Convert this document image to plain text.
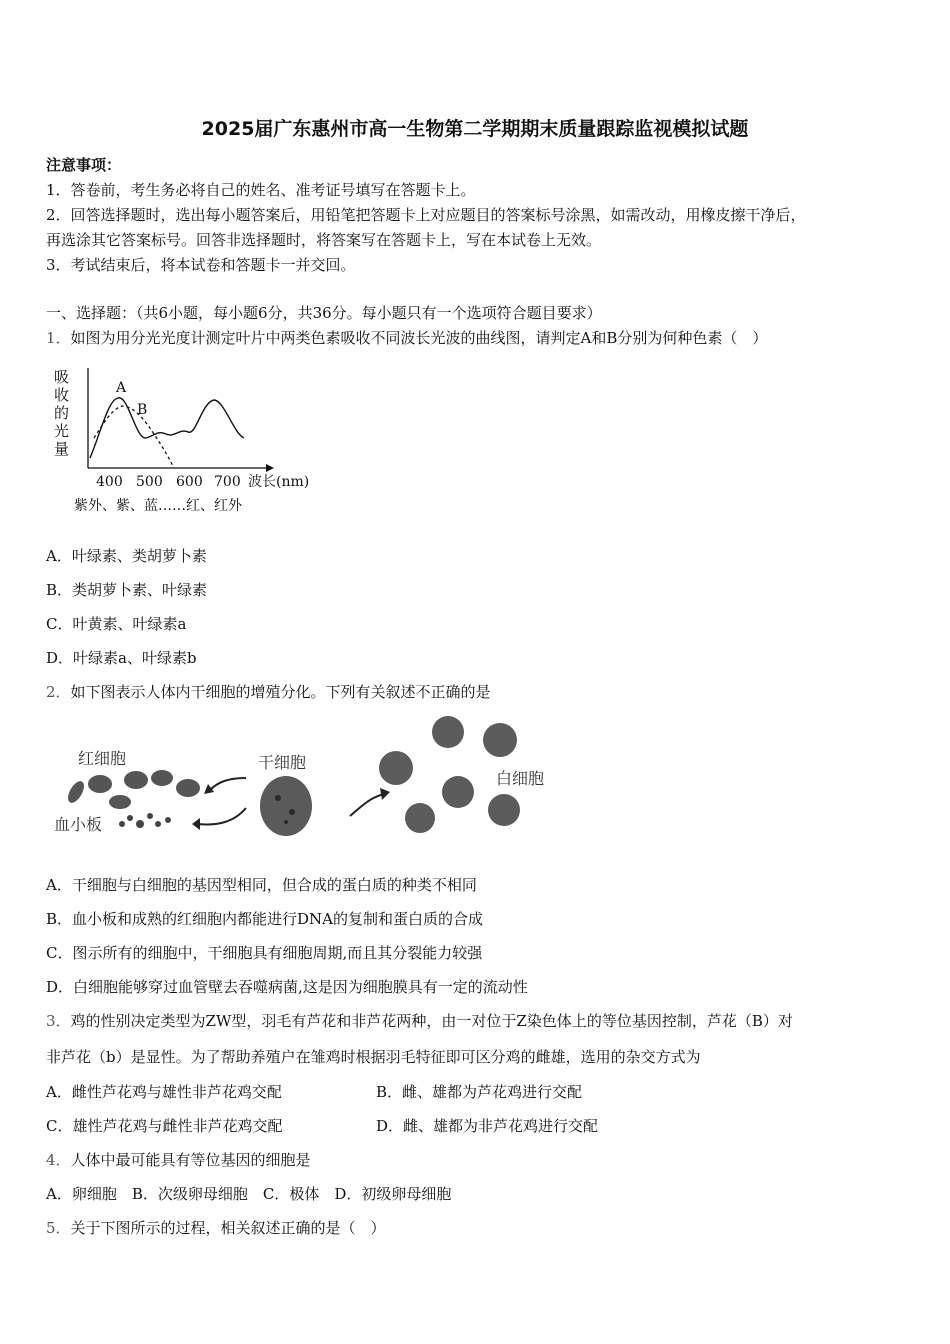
2025届广东惠州市高一生物第二学期期末质量跟踪监视模拟试题
注意事项：
1．答卷前，考生务必将自己的姓名、准考证号填写在答题卡上。
2．回答选择题时，选出每小题答案后，用铅笔把答题卡上对应题目的答案标号涂黑，如需改动，用橡皮擦干净后，
再选涂其它答案标号。回答非选择题时，将答案写在答题卡上，写在本试卷上无效。
3．考试结束后，将本试卷和答题卡一并交回。
一、选择题：（共6小题，每小题6分，共36分。每小题只有一个选项符合题目要求）
1．如图为用分光光度计测定叶片中两类色素吸收不同波长光波的曲线图，请判定A和B分别为何种色素（　）
吸
收
的
光
量
A
B
400 500 600 700 波长(nm)
紫外、紫、蓝……红、红外
A．叶绿素、类胡萝卜素
B．类胡萝卜素、叶绿素
C．叶黄素、叶绿素a
D．叶绿素a、叶绿素b
2．如下图表示人体内干细胞的增殖分化。下列有关叙述不正确的是
红细胞	干细胞
血小板
白细胞
A．干细胞与白细胞的基因型相同，但合成的蛋白质的种类不相同
B．血小板和成熟的红细胞内都能进行DNA的复制和蛋白质的合成
C．图示所有的细胞中，干细胞具有细胞周期,而且其分裂能力较强
D．白细胞能够穿过血管壁去吞噬病菌,这是因为细胞膜具有一定的流动性
3．鸡的性别决定类型为ZW型，羽毛有芦花和非芦花两种，由一对位于Z染色体上的等位基因控制，芦花（B）对
非芦花（b）是显性。为了帮助养殖户在雏鸡时根据羽毛特征即可区分鸡的雌雄，选用的杂交方式为
A．雌性芦花鸡与雄性非芦花鸡交配	B．雌、雄都为芦花鸡进行交配
C．雄性芦花鸡与雌性非芦花鸡交配	D．雌、雄都为非芦花鸡进行交配
4．人体中最可能具有等位基因的细胞是
A．卵细胞　B．次级卵母细胞　C．极体　D．初级卵母细胞
5．关于下图所示的过程，相关叙述正确的是（　）
